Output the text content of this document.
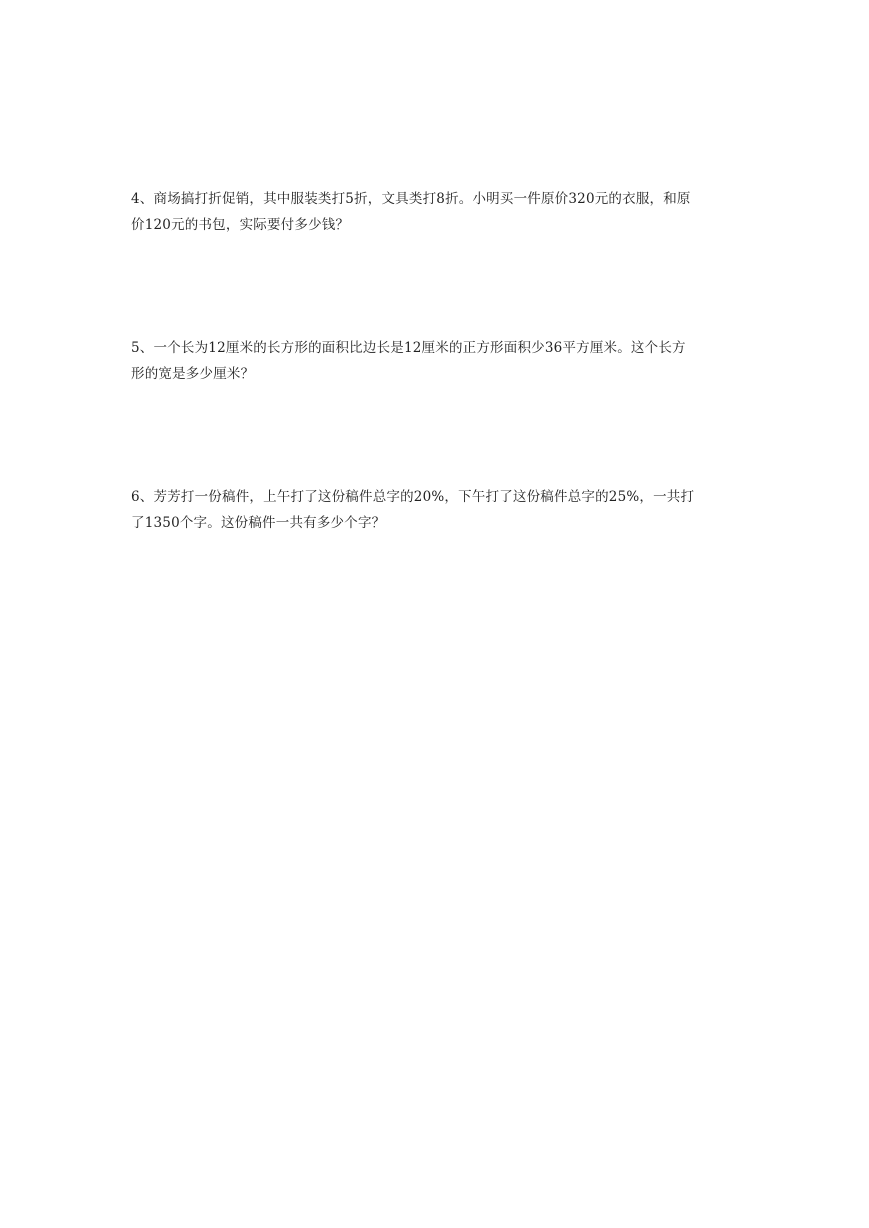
4、商场搞打折促销，其中服装类打5折，文具类打8折。小明买一件原价320元的衣服，和原
价120元的书包，实际要付多少钱？
5、一个长为12厘米的长方形的面积比边长是12厘米的正方形面积少36平方厘米。这个长方
形的宽是多少厘米？
6、芳芳打一份稿件，上午打了这份稿件总字的20%，下午打了这份稿件总字的25%，一共打
了1350个字。这份稿件一共有多少个字？
